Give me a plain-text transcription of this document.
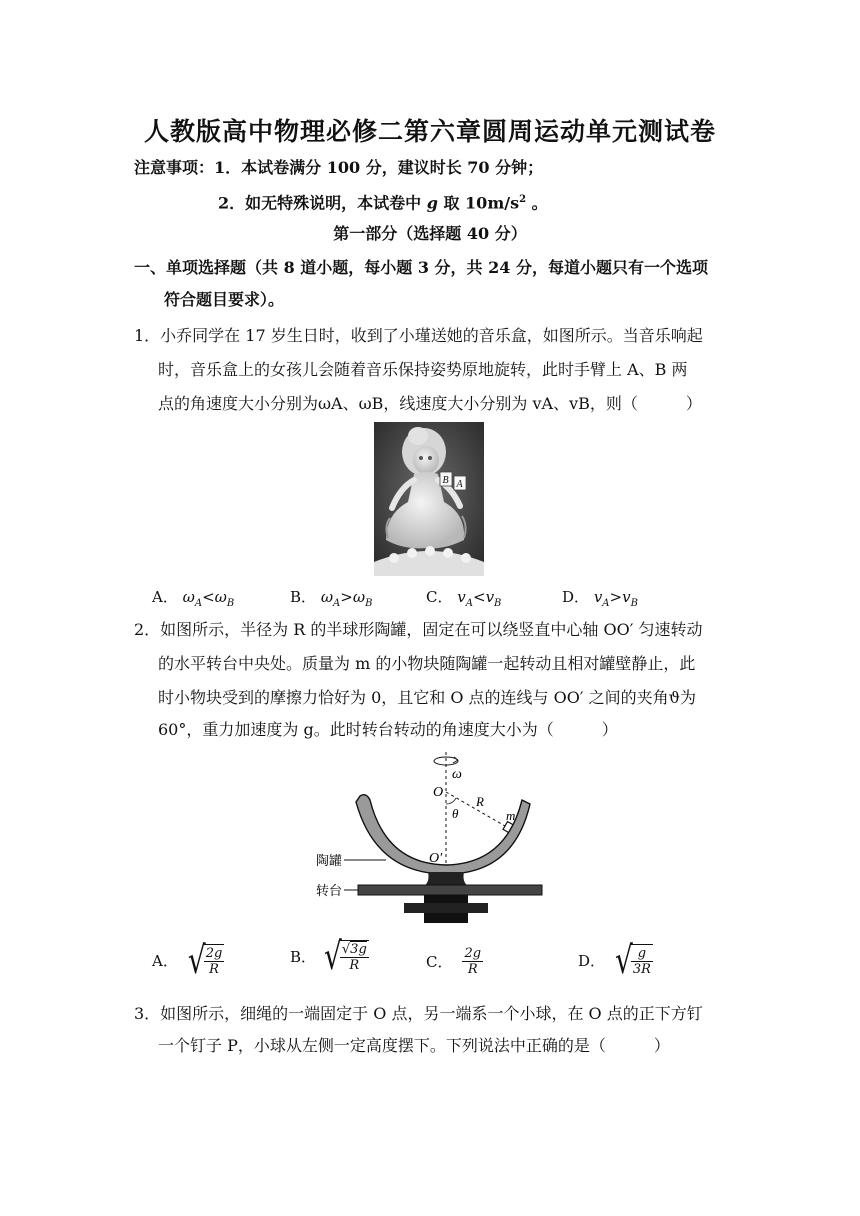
人教版高中物理必修二第六章圆周运动单元测试卷
注意事项：1．本试卷满分 100 分，建议时长 70 分钟；
2．如无特殊说明，本试卷中 g 取 $10m/s^2$ 。
第一部分（选择题 40 分）
一、单项选择题（共 8 道小题，每小题 3 分，共 24 分，每道小题只有一个选项
符合题目要求）。
1．小乔同学在 17 岁生日时，收到了小瑾送她的音乐盒，如图所示。当音乐响起
时，音乐盒上的女孩儿会随着音乐保持姿势原地旋转，此时手臂上 A、B 两
点的角速度大小分别为ωA、ωB，线速度大小分别为 vA、vB，则（　　　）
B A
A． $\omega_A<\omega_B$	B． $\omega_A>\omega_B$	C． $v_A<v_B$	D． $v_A>v_B$
2．如图所示，半径为 R 的半球形陶罐，固定在可以绕竖直中心轴 OO′ 匀速转动
的水平转台中央处。质量为 m 的小物块随陶罐一起转动且相对罐壁静止，此
时小物块受到的摩擦力恰好为 0，且它和 O 点的连线与 OO′ 之间的夹角ϑ为
60°，重力加速度为 g。此时转台转动的角速度大小为（　　　）
ω
O
R
θ	m
O′
陶罐
转台
A． √
$\frac{2g}{R}$	B． √
$\frac{√3g}{R}$	C． $\frac{2g}{R}$	D． √
$\frac{g}{3R}$
3．如图所示，细绳的一端固定于 O 点，另一端系一个小球，在 O 点的正下方钉
一个钉子 P，小球从左侧一定高度摆下。下列说法中正确的是（　　　）
